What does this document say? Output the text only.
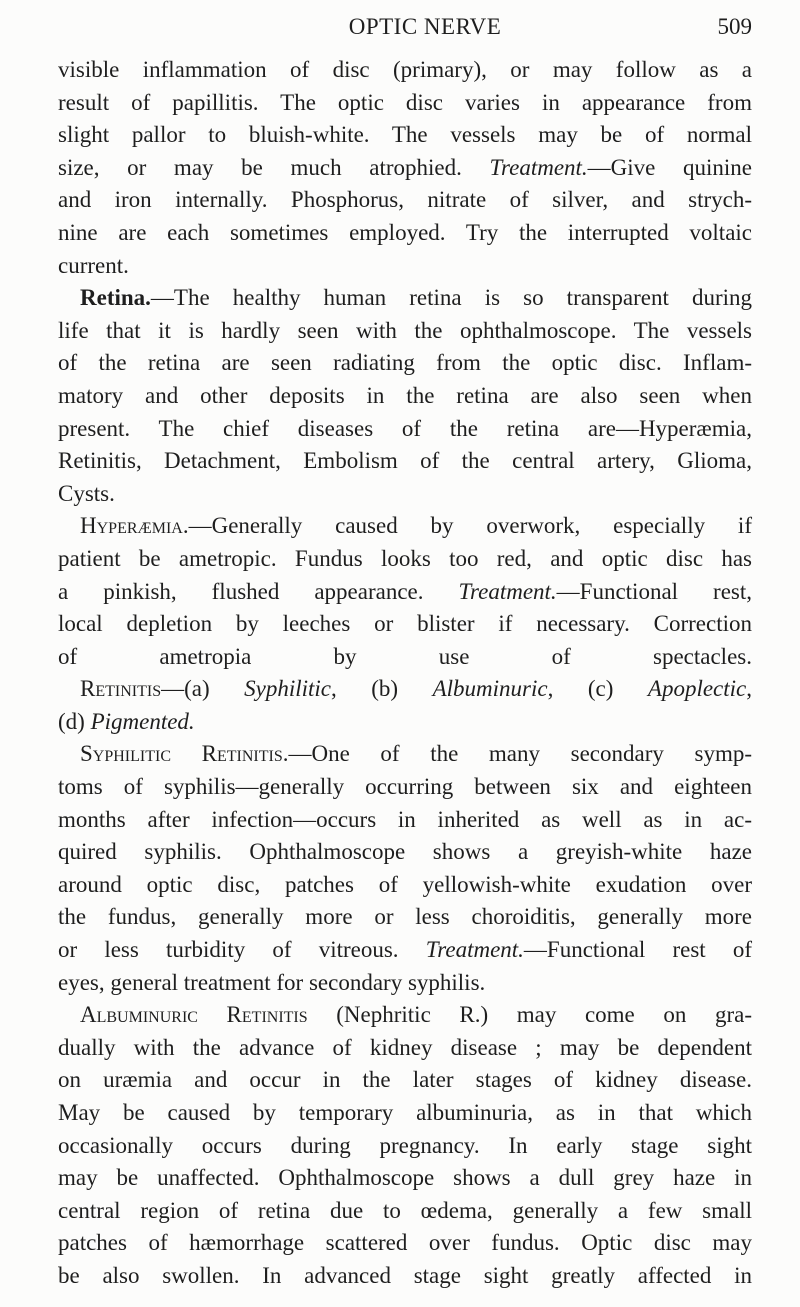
OPTIC NERVE	509
visible inflammation of disc (primary), or may follow as a
result of papillitis. The optic disc varies in appearance from
slight pallor to bluish-white. The vessels may be of normal
size, or may be much atrophied. Treatment.—Give quinine
and iron internally. Phosphorus, nitrate of silver, and strych-
nine are each sometimes employed. Try the interrupted voltaic
current.
Retina.—The healthy human retina is so transparent during
life that it is hardly seen with the ophthalmoscope. The vessels
of the retina are seen radiating from the optic disc. Inflam-
matory and other deposits in the retina are also seen when
present. The chief diseases of the retina are—Hyperæmia,
Retinitis, Detachment, Embolism of the central artery, Glioma,
Cysts.
Hyperæmia.—Generally caused by overwork, especially if
patient be ametropic. Fundus looks too red, and optic disc has
a pinkish, flushed appearance. Treatment.—Functional rest,
local depletion by leeches or blister if necessary. Correction
of ametropia by use of spectacles.
Retinitis—(a) Syphilitic, (b) Albuminuric, (c) Apoplectic,
(d) Pigmented.
Syphilitic Retinitis.—One of the many secondary symp-
toms of syphilis—generally occurring between six and eighteen
months after infection—occurs in inherited as well as in ac-
quired syphilis. Ophthalmoscope shows a greyish-white haze
around optic disc, patches of yellowish-white exudation over
the fundus, generally more or less choroiditis, generally more
or less turbidity of vitreous. Treatment.—Functional rest of
eyes, general treatment for secondary syphilis.
Albuminuric Retinitis (Nephritic R.) may come on gra-
dually with the advance of kidney disease ; may be dependent
on uræmia and occur in the later stages of kidney disease.
May be caused by temporary albuminuria, as in that which
occasionally occurs during pregnancy. In early stage sight
may be unaffected. Ophthalmoscope shows a dull grey haze in
central region of retina due to œdema, generally a few small
patches of hæmorrhage scattered over fundus. Optic disc may
be also swollen. In advanced stage sight greatly affected in
